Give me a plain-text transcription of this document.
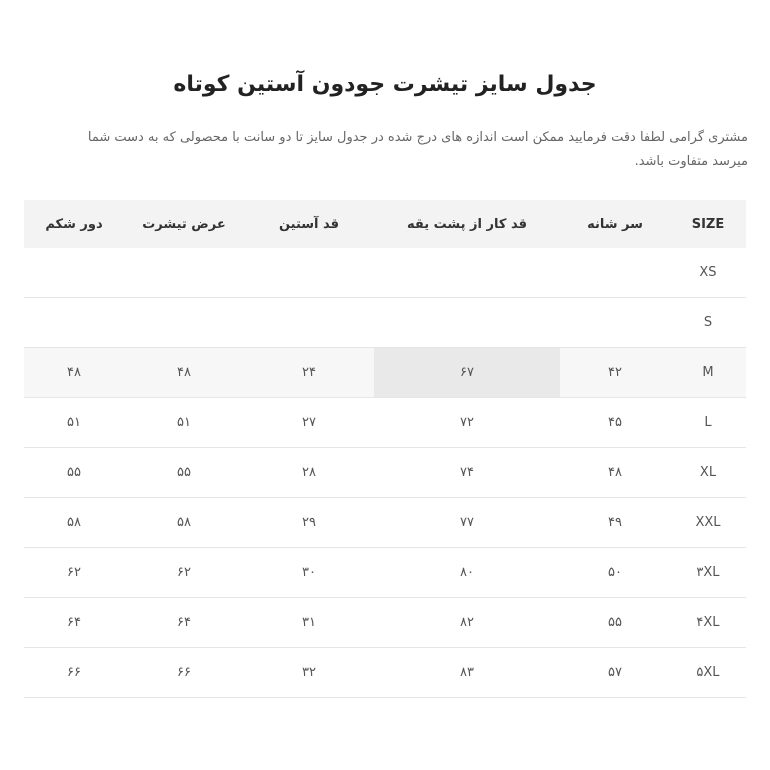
جدول سایز تیشرت جودون آستین کوتاه
مشتری گرامی لطفا دقت فرمایید ممکن است اندازه های درج شده در جدول سایز تا دو سانت با محصولی که به دست شما میرسد متفاوت باشد.
SIZE	سر شانه	قد کار از پشت یقه	قد آستین	عرض تیشرت	دور شکم
XS					
S					
M	۴۲	۶۷	۲۴	۴۸	۴۸
L	۴۵	۷۲	۲۷	۵۱	۵۱
XL	۴۸	۷۴	۲۸	۵۵	۵۵
XXL	۴۹	۷۷	۲۹	۵۸	۵۸
۳XL	۵۰	۸۰	۳۰	۶۲	۶۲
۴XL	۵۵	۸۲	۳۱	۶۴	۶۴
۵XL	۵۷	۸۳	۳۲	۶۶	۶۶
